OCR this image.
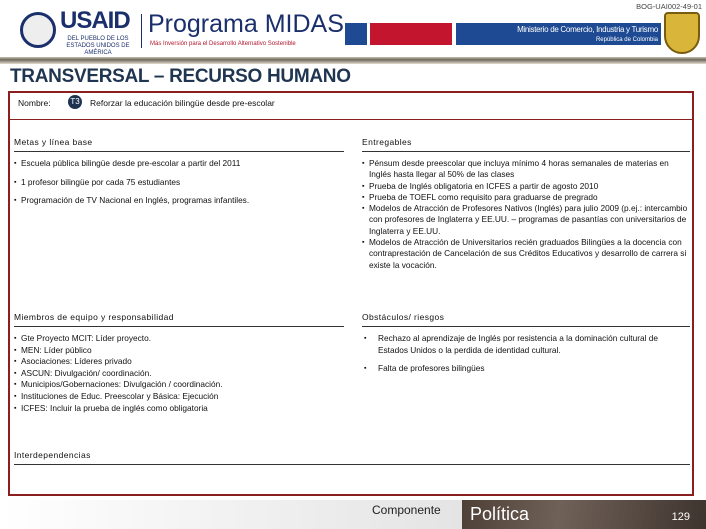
USAID
DEL PUEBLO DE LOS ESTADOS UNIDOS DE AMÉRICA
Programa MIDAS
Más Inversión para el Desarrollo Alternativo Sostenible
Ministerio de Comercio, Industria y Turismo
República de Colombia
BOG-UAI002-49-01
TRANSVERSAL – RECURSO HUMANO
Nombre: T3 Reforzar la educación bilingüe desde pre-escolar
Metas y línea base
▪ Escuela pública bilingüe desde pre-escolar a partir del 2011
▪ 1 profesor bilingüe por cada 75 estudiantes
▪ Programación de TV Nacional en Inglés, programas infantiles.
Entregables
▪ Pénsum desde preescolar que incluya mínimo 4 horas semanales de materias en Inglés hasta llegar al 50% de las clases
▪ Prueba de Inglés obligatoria en ICFES a partir de agosto 2010
▪ Prueba de TOEFL como requisito para graduarse de pregrado
▪ Modelos de Atracción de Profesores Nativos (Inglés) para julio 2009 (p.ej.: intercambio con profesores de Inglaterra y EE.UU. – programas de pasantías con universitarios de Inglaterra y EE.UU.
▪ Modelos de Atracción de Universitarios recién graduados Bilingües a la docencia con contraprestación de Cancelación de sus Créditos Educativos y desarrollo de carrera si existe la vocación.
Miembros de equipo y responsabilidad
▪ Gte Proyecto MCIT: Líder proyecto.
▪ MEN: Líder público
▪ Asociaciones: Líderes privado
▪ ASCUN: Divulgación/ coordinación.
▪ Municipios/Gobernaciones: Divulgación / coordinación.
▪ Instituciones de Educ. Preescolar y Básica: Ejecución
▪ ICFES: Incluir la prueba de inglés como obligatoria
Obstáculos/ riesgos
▪ Rechazo al aprendizaje de Inglés por resistencia a la dominación cultural de Estados Unidos o la perdida de identidad cultural.
▪ Falta de profesores bilingües
Interdependencias
Componente Política	129
